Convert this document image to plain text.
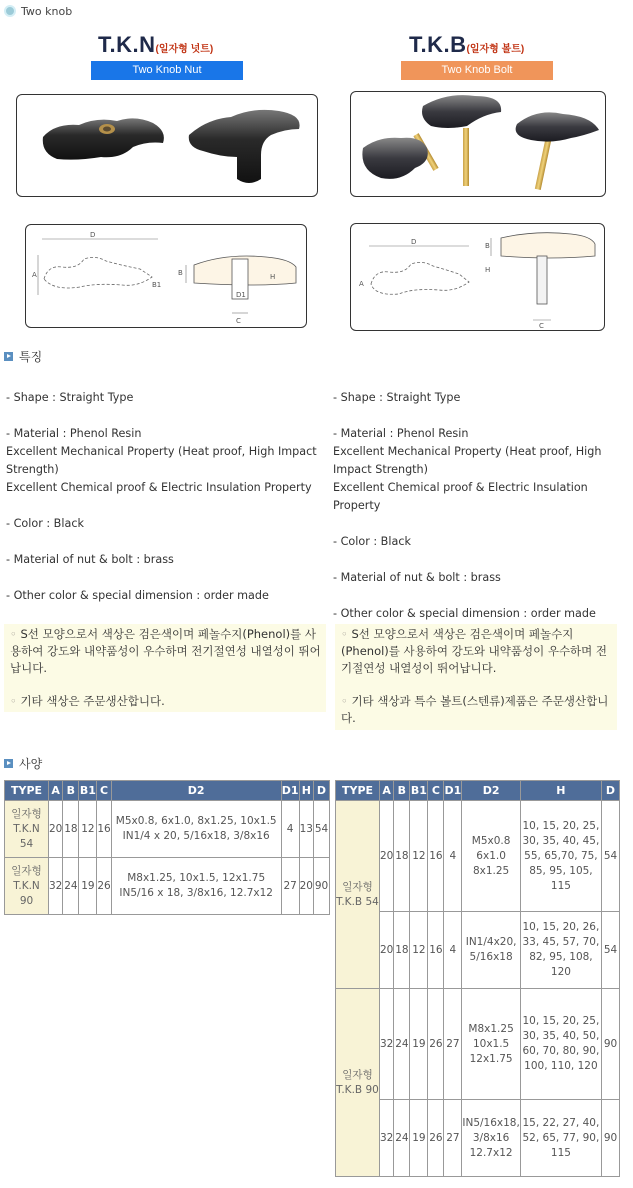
Two knob
T.K.N(일자형 넛트)
Two Knob Nut
T.K.B(일자형 볼트)
Two Knob Bolt
D
A
B1
B	H
D1
C
D
A
B
H
C
특징

- Shape : Straight Type

- Material : Phenol Resin

Excellent Mechanical Property (Heat proof, High Impact Strength)

Excellent Chemical proof & Electric Insulation Property

- Color : Black

- Material of nut & bolt : brass

- Other color & special dimension : order made

- Shape : Straight Type

- Material : Phenol Resin

Excellent Mechanical Property (Heat proof, High Impact Strength)

Excellent Chemical proof & Electric Insulation Property

- Color : Black

- Material of nut & bolt : brass

- Other color & special dimension : order made

◦ S선 모양으로서 색상은 검은색이며 페놀수지(Phenol)를 사용하여 강도와 내약품성이 우수하며 전기절연성 내열성이 뛰어납니다.
◦ 기타 색상은 주문생산합니다.
◦ S선 모양으로서 색상은 검은색이며 페놀수지(Phenol)를 사용하여 강도와 내약품성이 우수하며 전기절연성 내열성이 뛰어납니다.
◦ 기타 색상과 특수 볼트(스텐류)제품은 주문생산합니다.
사양
TYPE	A	B	B1	C	D2	D1	H	D
일자형 T.K.N 54	20	18	12	16	M5x0.8, 6x1.0, 8x1.25, 10x1.5 IN1/4 x 20, 5/16x18, 3/8x16	4	13	54
일자형 T.K.N 90	32	24	19	26	M8x1.25, 10x1.5, 12x1.75 IN5/16 x 18, 3/8x16, 12.7x12	27	20	90
TYPE	A	B	B1	C	D1	D2	H	D
일자형 T.K.B 54	20	18	12	16	4	M5x0.8 6x1.0 8x1.25	10, 15, 20, 25, 30, 35, 40, 45, 55, 65,70, 75, 85, 95, 105, 115	54
	20	18	12	16	4	IN1/4x20, 5/16x18	10, 15, 20, 26, 33, 45, 57, 70, 82, 95, 108, 120	54
일자형 T.K.B 90	32	24	19	26	27	M8x1.25 10x1.5 12x1.75	10, 15, 20, 25, 30, 35, 40, 50, 60, 70, 80, 90, 100, 110, 120	90
	32	24	19	26	27	IN5/16x18, 3/8x16 12.7x12	15, 22, 27, 40, 52, 65, 77, 90, 115	90
